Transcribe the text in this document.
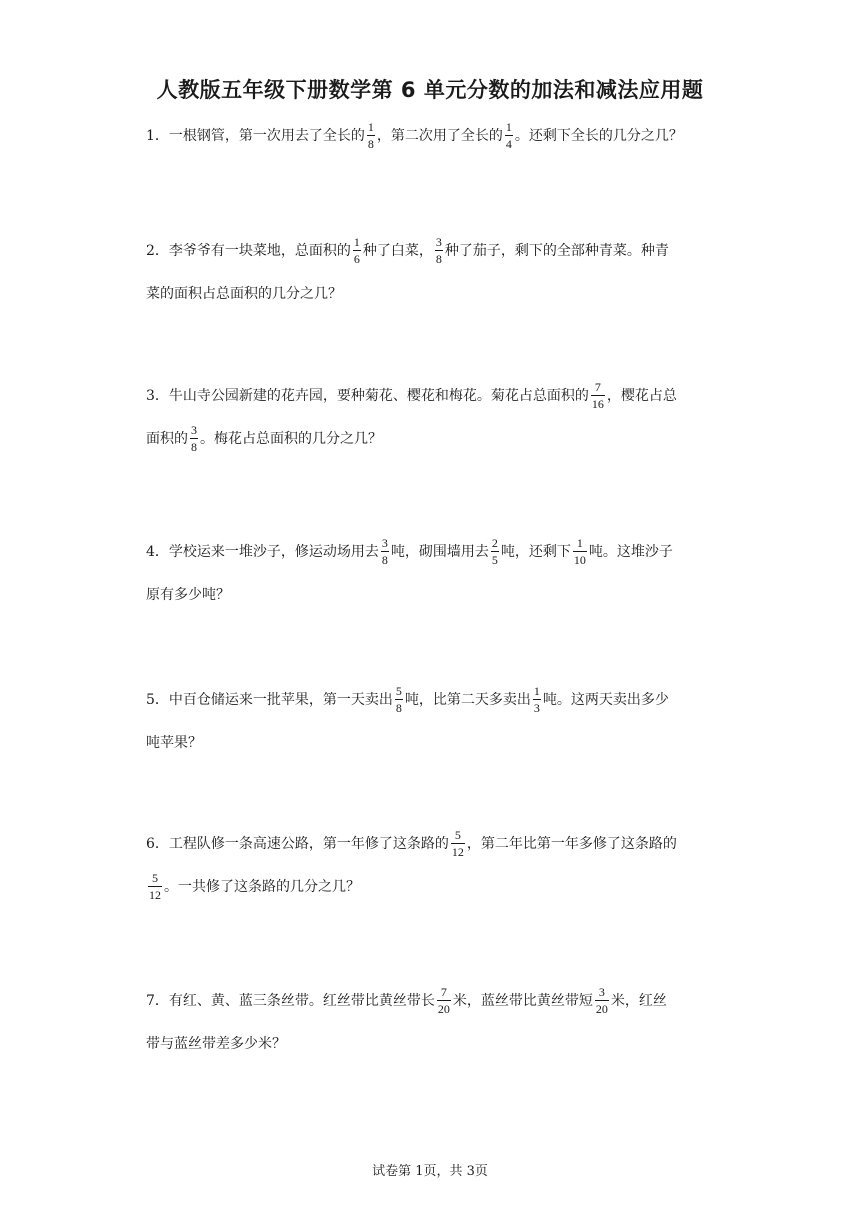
人教版五年级下册数学第 6 单元分数的加法和减法应用题
1．一根钢管，第一次用去了全长的 $\frac{1}{8}$ ，第二次用了全长的 $\frac{1}{4}$ 。还剩下全长的几分之几？
2．李爷爷有一块菜地，总面积的 $\frac{1}{6}$ 种了白菜， $\frac{3}{8}$ 种了茄子，剩下的全部种青菜。种青
菜的面积占总面积的几分之几？
3．牛山寺公园新建的花卉园，要种菊花、樱花和梅花。菊花占总面积的 $\frac{7}{16}$ ，樱花占总
面积的 $\frac{3}{8}$ 。梅花占总面积的几分之几？
4．学校运来一堆沙子，修运动场用去 $\frac{3}{8}$ 吨，砌围墙用去 $\frac{2}{5}$ 吨，还剩下 $\frac{1}{10}$ 吨。这堆沙子
原有多少吨？
5．中百仓储运来一批苹果，第一天卖出 $\frac{5}{8}$ 吨，比第二天多卖出 $\frac{1}{3}$ 吨。这两天卖出多少
吨苹果？
6．工程队修一条高速公路，第一年修了这条路的 $\frac{5}{12}$ ，第二年比第一年多修了这条路的
$\frac{5}{12}$ 。一共修了这条路的几分之几？
7．有红、黄、蓝三条丝带。红丝带比黄丝带长 $\frac{7}{20}$ 米，蓝丝带比黄丝带短 $\frac{3}{20}$ 米，红丝
带与蓝丝带差多少米？
试卷第 1页，共 3页
